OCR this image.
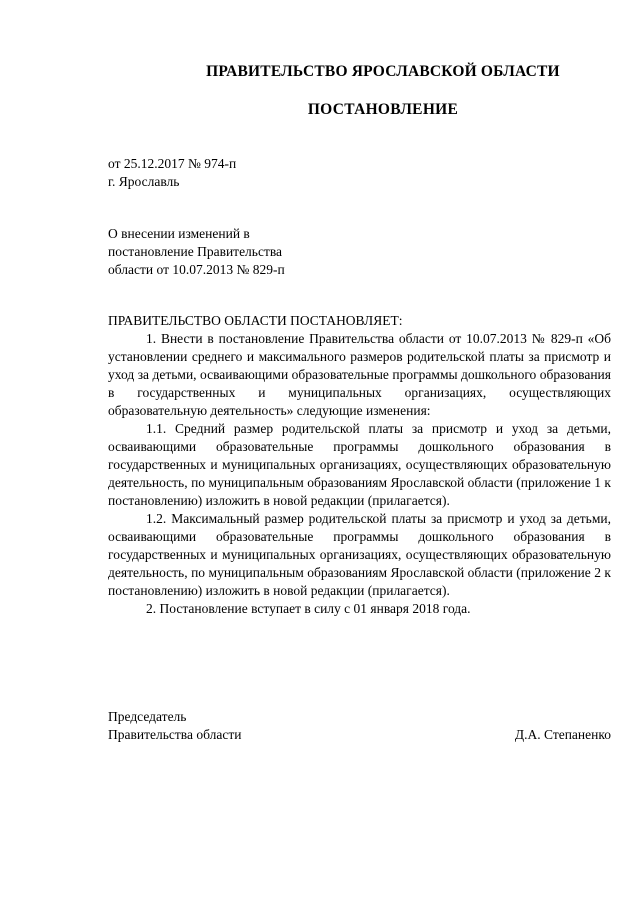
ПРАВИТЕЛЬСТВО ЯРОСЛАВСКОЙ ОБЛАСТИ
ПОСТАНОВЛЕНИЕ
от 25.12.2017 № 974-п
г. Ярославль
О внесении изменений в
постановление Правительства
области от 10.07.2013 № 829-п

ПРАВИТЕЛЬСТВО ОБЛАСТИ ПОСТАНОВЛЯЕТ:

1. Внести в постановление Правительства области от 10.07.2013 № 829-п «Об установлении среднего и максимального размеров родительской платы за присмотр и уход за детьми, осваивающими образовательные программы дошкольного образования в государственных и муниципальных организациях, осуществляющих образовательную деятельность» следующие изменения:

1.1. Средний размер родительской платы за присмотр и уход за детьми, осваивающими образовательные программы дошкольного образования в государственных и муниципальных организациях, осуществляющих образовательную деятельность, по муниципальным образованиям Ярославской области (приложение 1 к постановлению) изложить в новой редакции (прилагается).

1.2. Максимальный размер родительской платы за присмотр и уход за детьми, осваивающими образовательные программы дошкольного образования в государственных и муниципальных организациях, осуществляющих образовательную деятельность, по муниципальным образованиям Ярославской области (приложение 2 к постановлению) изложить в новой редакции (прилагается).

2. Постановление вступает в силу с 01 января 2018 года.

Председатель
Правительства области	Д.А. Степаненко
